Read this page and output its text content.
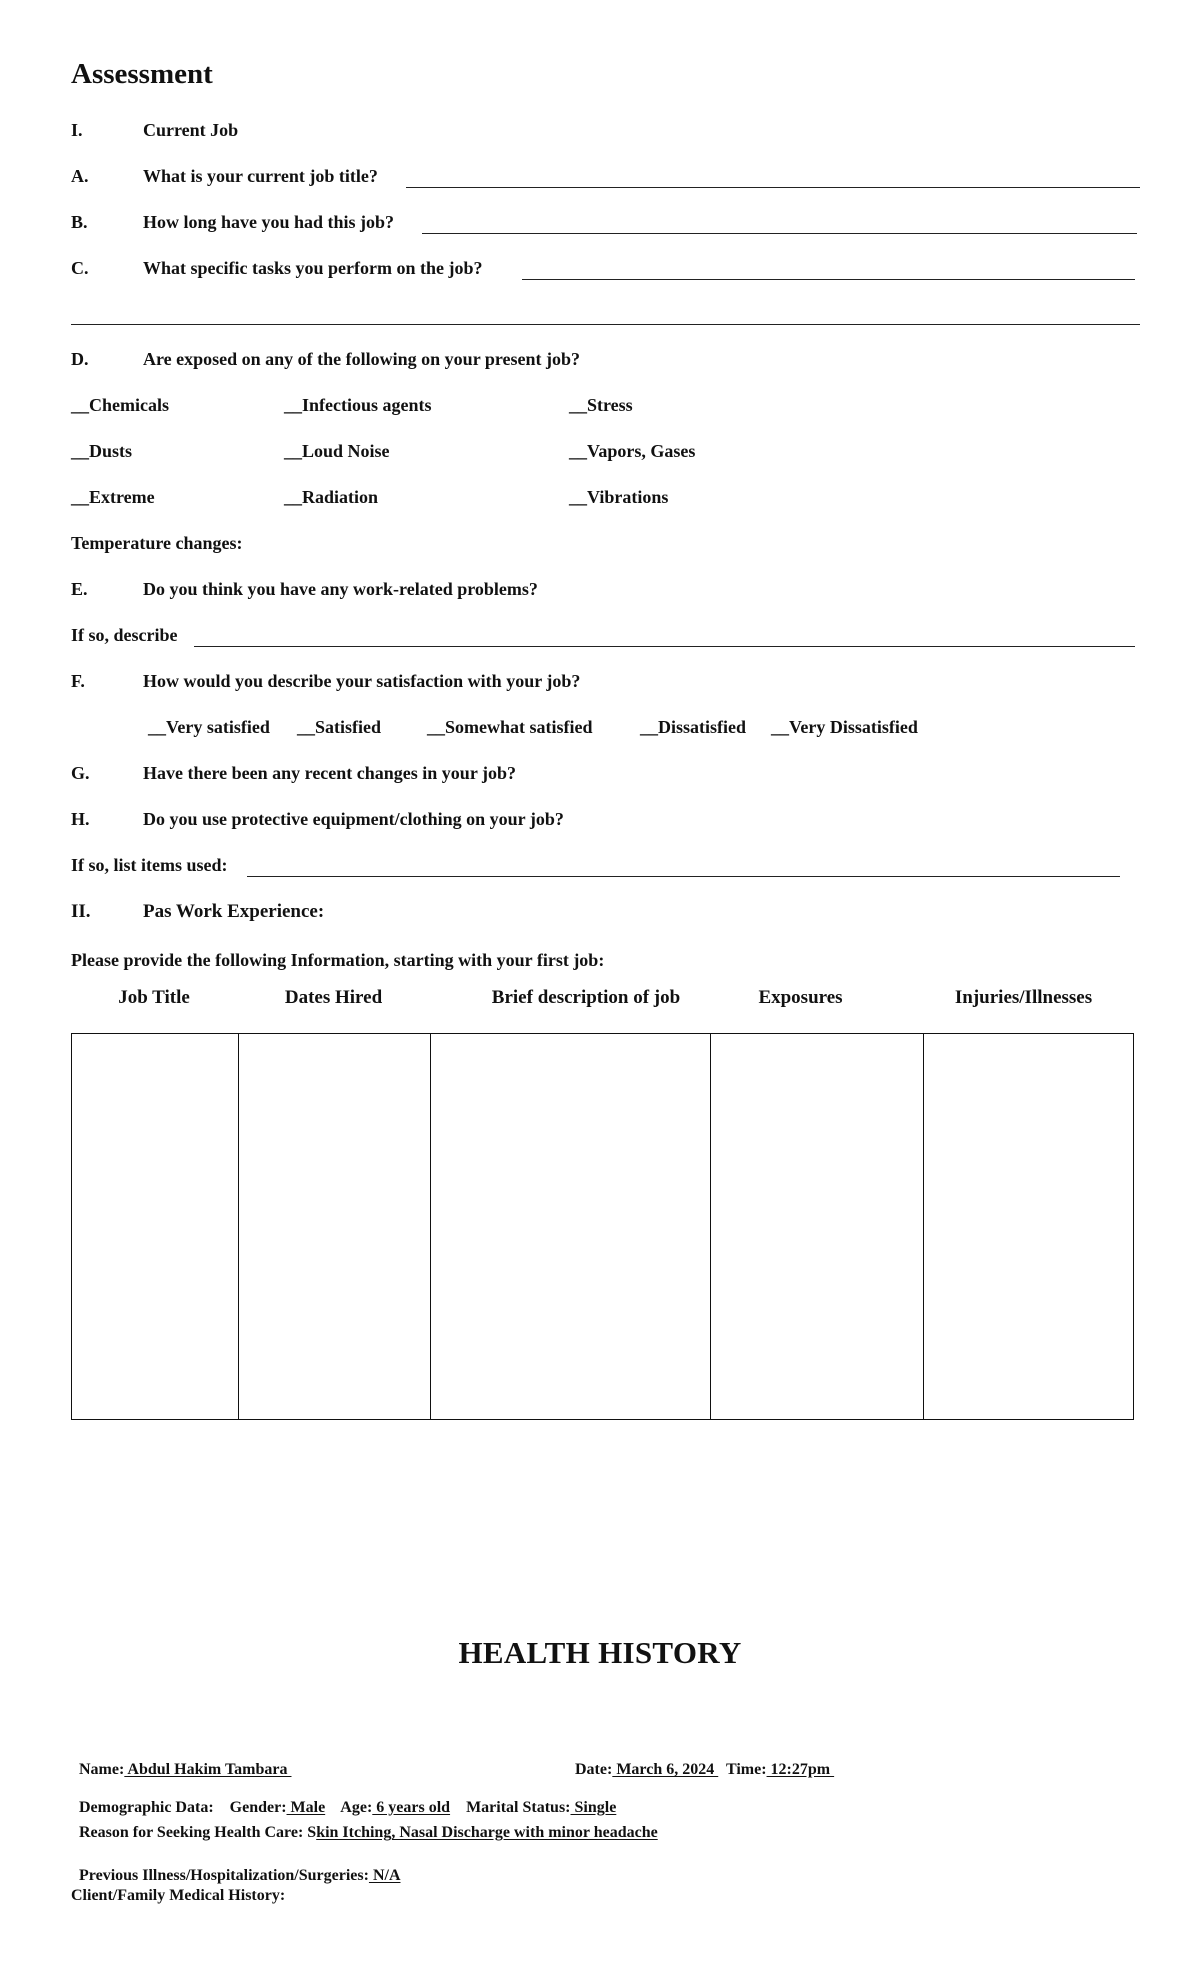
Assessment
I.	Current Job
A.	What is your current job title?
B.	How long have you had this job?
C.	What specific tasks you perform on the job?
D.	Are exposed on any of the following on your present job?
__Chemicals	__Infectious agents	__Stress
__Dusts	__Loud Noise	__Vapors, Gases
__Extreme	__Radiation	__Vibrations
Temperature changes:
E.	Do you think you have any work-related problems?
If so, describe
F.	How would you describe your satisfaction with your job?
__Very satisfied __Satisfied	__Somewhat satisfied	__Dissatisfied __Very Dissatisfied
G.	Have there been any recent changes in your job?
H.	Do you use protective equipment/clothing on your job?
If so, list items used:
II.	Pas Work Experience:
Please provide the following Information, starting with your first job:
Job Title	Dates Hired	Brief description of job	Exposures	Injuries/Illnesses
HEALTH HISTORY

Name: Abdul Hakim Tambara	Date: March 6, 2024   Time: 12:27pm

Demographic Data: Gender: Male Age: 6 years old Marital Status: Single

Reason for Seeking Health Care: Skin Itching, Nasal Discharge with minor headache

Previous Illness/Hospitalization/Surgeries: N/A

Client/Family Medical History:
